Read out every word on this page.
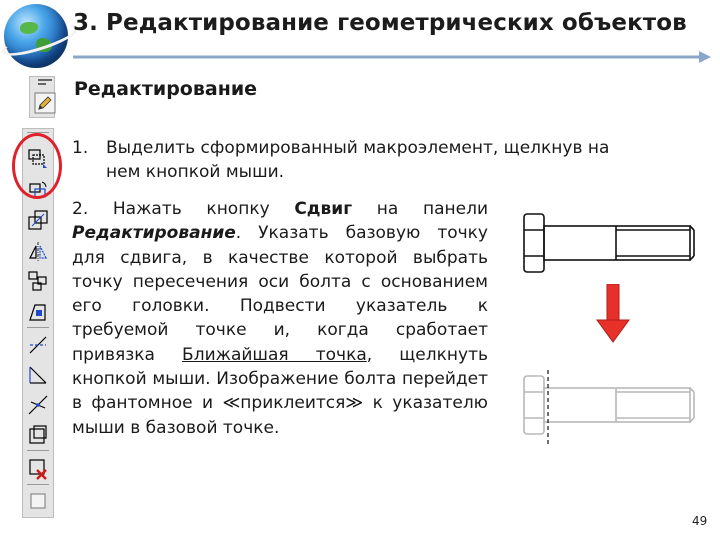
3. Редактирование геометрических объектов
Редактирование
1. Выделить сформированный макроэлемент, щелкнув на
нем кнопкой мыши.
2. Нажать кнопку Сдвиг на панели Редактирование. Указать базовую точку для сдвига, в качестве которой выбрать точку пересечения оси болта с основанием его головки. Подвести указатель к требуемой точке и, когда сработает привязка Ближайшая точка, щелкнуть кнопкой мыши. Изображение болта перейдет в фантомное и ≪приклеится≫ к указателю мыши в базовой точке.
49
